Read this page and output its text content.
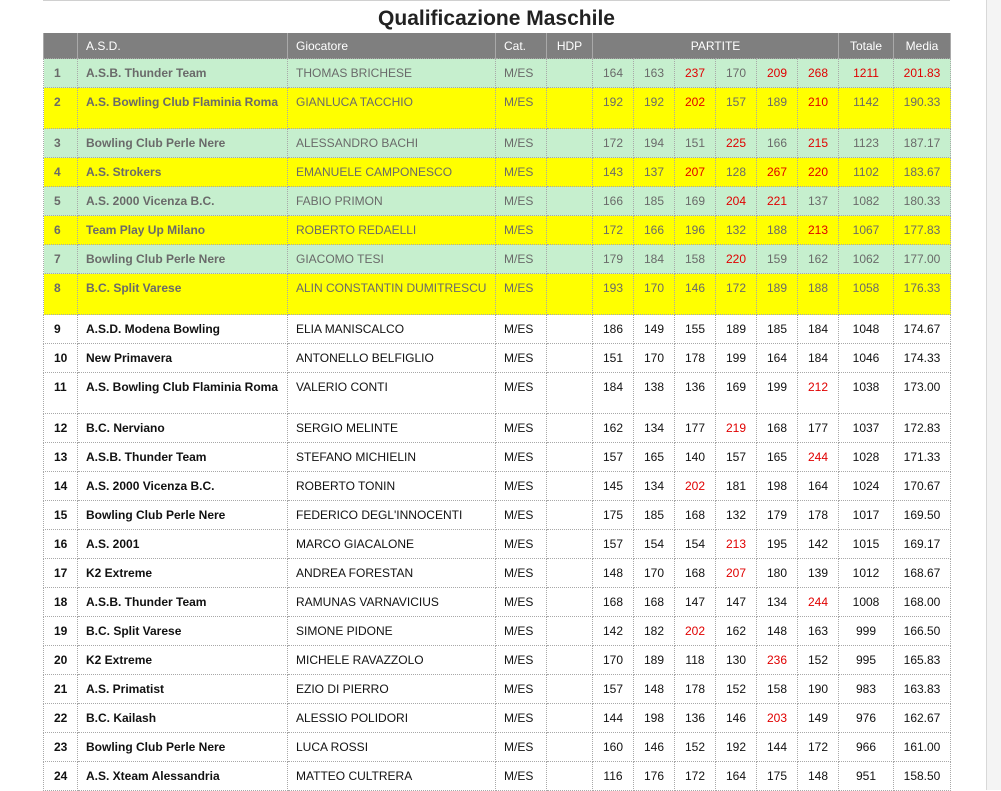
Qualificazione Maschile
	A.S.D.	Giocatore	Cat.	HDP	PARTITE						Totale	Media
1	A.S.B. Thunder Team	THOMAS BRICHESE	M/ES		164	163	237	170	209	268	1211	201.83
2	A.S. Bowling Club Flaminia Roma	GIANLUCA TACCHIO	M/ES		192	192	202	157	189	210	1142	190.33
3	Bowling Club Perle Nere	ALESSANDRO BACHI	M/ES		172	194	151	225	166	215	1123	187.17
4	A.S. Strokers	EMANUELE CAMPONESCO	M/ES		143	137	207	128	267	220	1102	183.67
5	A.S. 2000 Vicenza B.C.	FABIO PRIMON	M/ES		166	185	169	204	221	137	1082	180.33
6	Team Play Up Milano	ROBERTO REDAELLI	M/ES		172	166	196	132	188	213	1067	177.83
7	Bowling Club Perle Nere	GIACOMO TESI	M/ES		179	184	158	220	159	162	1062	177.00
8	B.C. Split Varese	ALIN CONSTANTIN DUMITRESCU	M/ES		193	170	146	172	189	188	1058	176.33
9	A.S.D. Modena Bowling	ELIA MANISCALCO	M/ES		186	149	155	189	185	184	1048	174.67
10	New Primavera	ANTONELLO BELFIGLIO	M/ES		151	170	178	199	164	184	1046	174.33
11	A.S. Bowling Club Flaminia Roma	VALERIO CONTI	M/ES		184	138	136	169	199	212	1038	173.00
12	B.C. Nerviano	SERGIO MELINTE	M/ES		162	134	177	219	168	177	1037	172.83
13	A.S.B. Thunder Team	STEFANO MICHIELIN	M/ES		157	165	140	157	165	244	1028	171.33
14	A.S. 2000 Vicenza B.C.	ROBERTO TONIN	M/ES		145	134	202	181	198	164	1024	170.67
15	Bowling Club Perle Nere	FEDERICO DEGL'INNOCENTI	M/ES		175	185	168	132	179	178	1017	169.50
16	A.S. 2001	MARCO GIACALONE	M/ES		157	154	154	213	195	142	1015	169.17
17	K2 Extreme	ANDREA FORESTAN	M/ES		148	170	168	207	180	139	1012	168.67
18	A.S.B. Thunder Team	RAMUNAS VARNAVICIUS	M/ES		168	168	147	147	134	244	1008	168.00
19	B.C. Split Varese	SIMONE PIDONE	M/ES		142	182	202	162	148	163	999	166.50
20	K2 Extreme	MICHELE RAVAZZOLO	M/ES		170	189	118	130	236	152	995	165.83
21	A.S. Primatist	EZIO DI PIERRO	M/ES		157	148	178	152	158	190	983	163.83
22	B.C. Kailash	ALESSIO POLIDORI	M/ES		144	198	136	146	203	149	976	162.67
23	Bowling Club Perle Nere	LUCA ROSSI	M/ES		160	146	152	192	144	172	966	161.00
24	A.S. Xteam Alessandria	MATTEO CULTRERA	M/ES		116	176	172	164	175	148	951	158.50
